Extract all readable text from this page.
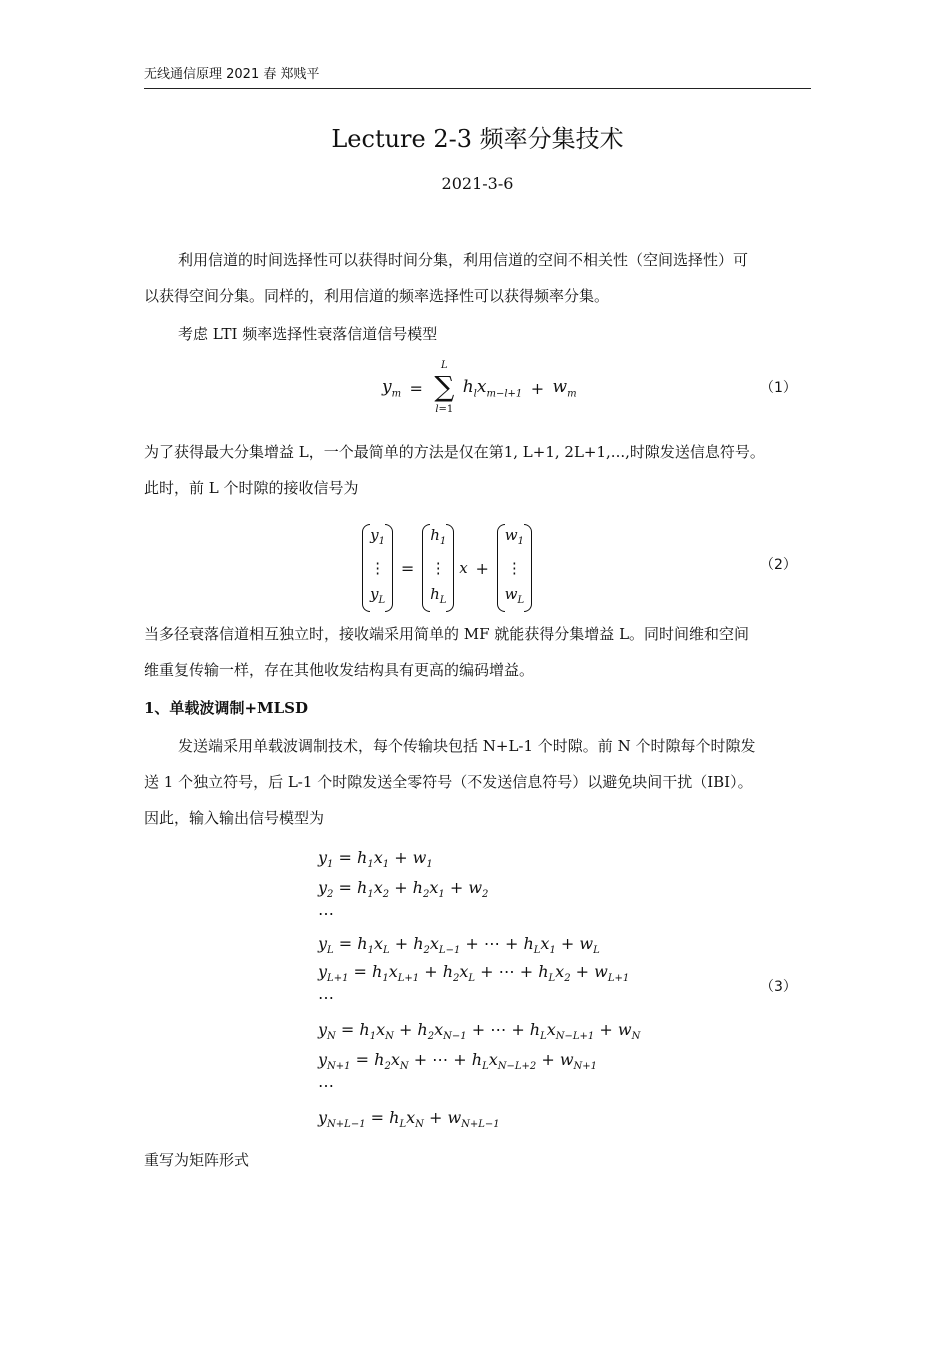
无线通信原理 2021 春 郑贱平
Lecture 2-3 频率分集技术
2021-3-6
利用信道的时间选择性可以获得时间分集，利用信道的空间不相关性（空间选择性）可
以获得空间分集。同样的，利用信道的频率选择性可以获得频率分集。
考虑 LTI 频率选择性衰落信道信号模型
$y_m$ =
L
∑
l=1
$h_lx_{m-l+1} + w_m$	（1）
为了获得最大分集增益 L，一个最简单的方法是仅在第1, L+1, 2L+1,...,时隙发送信息符号。
此时，前 L 个时隙的接收信号为
$y_1$
⋮
$y_L = h_1$
⋮
$h_L$ $x + w_1$
⋮
$w_L$
（2）
当多径衰落信道相互独立时，接收端采用简单的 MF 就能获得分集增益 L。同时间维和空间
维重复传输一样，存在其他收发结构具有更高的编码增益。
1、单载波调制+MLSD
发送端采用单载波调制技术，每个传输块包括 N+L-1 个时隙。前 N 个时隙每个时隙发
送 1 个独立符号，后 L-1 个时隙发送全零符号（不发送信息符号）以避免块间干扰（IBI）。
因此，输入输出信号模型为
$y_1 = h_1x_1 + w_1$
$y_2 = h_1x_2 + h_2x_1 + w_2$
⋯
$y_L = h_1x_L + h_2x_{L-1}$ + ⋯ + $h_Lx_1 + w_L$
$y_{L+1} = h_1x_{L+1} + h_2x_L$ + ⋯ + $h_Lx_2 + w_{L+1}$
⋯
$y_N = h_1x_N + h_2x_{N-1}$ + ⋯ + $h_Lx_{N-L+1} + w_N$
$y_{N+1} = h_2x_N$ + ⋯ + $h_Lx_{N-L+2} + w_{N+1}$
⋯
$y_{N+L-1} = h_Lx_N + w_{N+L-1}$
（3）
重写为矩阵形式
